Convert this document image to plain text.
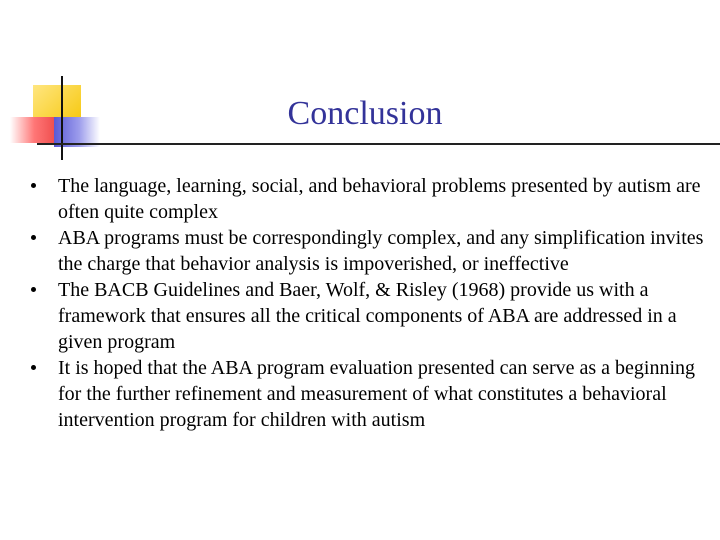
Conclusion
The language, learning, social, and behavioral problems presented by autism are often quite complex
ABA programs must be correspondingly complex, and any simplification invites the charge that behavior analysis is impoverished, or ineffective
The BACB Guidelines and Baer, Wolf, & Risley (1968) provide us with a framework that ensures all the critical components of ABA are addressed in a given program
It is hoped that the ABA program evaluation presented can serve as a beginning for the further refinement and measurement of what constitutes a behavioral intervention program for children with autism
